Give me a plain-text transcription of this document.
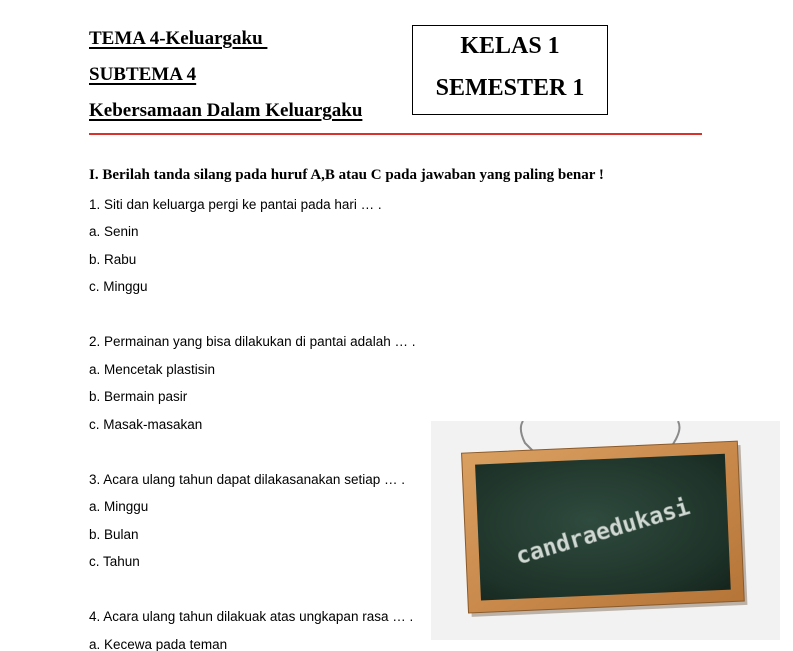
TEMA 4-Keluargaku
SUBTEMA 4
Kebersamaan Dalam Keluargaku
KELAS 1
SEMESTER 1
I. Berilah tanda silang pada huruf A,B atau C pada jawaban yang paling benar !
1. Siti dan keluarga pergi ke pantai pada hari … .
a. Senin
b. Rabu
c. Minggu
2. Permainan yang bisa dilakukan di pantai adalah … .
a. Mencetak plastisin
b. Bermain pasir
c. Masak-masakan
3. Acara ulang tahun dapat dilakasanakan setiap … .
a. Minggu
b. Bulan
c. Tahun
4. Acara ulang tahun dilakuak atas ungkapan rasa … .
a. Kecewa pada teman
candraedukasi
